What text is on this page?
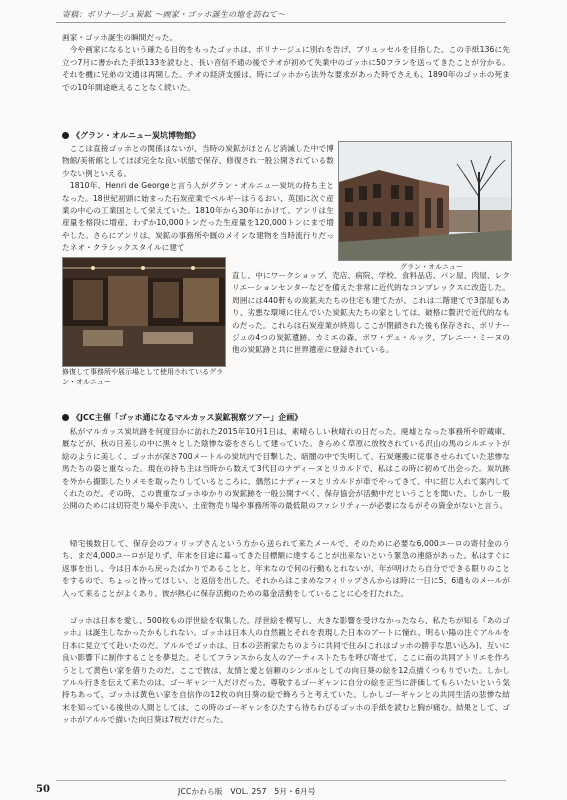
寄稿：ボリナージュ炭鉱 〜画家・ゴッホ誕生の地を訪ねて〜
画家・ゴッホ誕生の瞬間だった。
　今や画家になるという確たる目的をもったゴッホは、ボリナージュに別れを告げ、ブリュッセルを目指した。この手紙136に先立つ7月に書かれた手紙133を読むと、長い音信不通の後でテオが初めて失業中のゴッホに50フランを送ってきたことが分かる。それを機に兄弟の文通は再開した。テオの経済支援は、時にゴッホから法外な要求があった時でさえも、1890年のゴッホの死までの10年間途絶えることなく続いた。
《グラン・オルニュー炭坑博物館》
　ここは直接ゴッホとの関係はないが、当時の炭鉱がほとんど消滅した中で博物館/美術館としてほぼ完全な良い状態で保存、修復され一般公開されている数少ない例といえる。
　1810年、Henri de Georgeと言う人がグラン・オルニュー炭坑の持ち主となった。18世紀初頭に始まった石炭産業でベルギーはうるおい、英国に次ぐ産業の中心の工業国として栄えていた。1810年から30年にかけて、アンリは生産量を格段に増産、わずか10,000トンだった生産量を120,000トンにまで増やした。さらにアンリは、炭鉱の事務所や厩のメインな建物を当時流行りだったネオ・クラシックスタイルに建て
グラン・オルニュー
修復して事務所や展示場として使用されているグラン・オルニュー
直し、中にワークショップ、売店、病院、学校、食料品店、パン屋、肉屋、レクリエーションセンターなどを備えた非常に近代的なコンプレックスに改造した。周囲には440軒もの炭鉱夫たちの住宅も建てたが、これは二階建てで3部屋もあり、劣悪な環境に住んでいた炭鉱夫たちの家としては、破格に贅沢で近代的なものだった。これらは石炭産業が終焉しここが閉鎖された後も保存され、ボリナージュの4つの炭鉱遺跡、カミエの森、ボワ・デュ・ルック、ブレニー・ミーヌの他の炭鉱跡と共に世界遺産に登録されている。
《JCC主催「ゴッホ通になるマルカッス炭鉱視察ツアー」企画》
　私がマルカッス炭坑跡を何度目かに訪れた2015年10月1日は、素晴らしい秋晴れの日だった。廃墟となった事務所や貯蔵庫、厩などが、秋の日差しの中に黒々とした陰惨な姿をさらして建っていた。きらめく草原に放牧されている沢山の馬のシルエットが絵のように美しく、ゴッホが深さ700メートルの炭坑内で目撃した、暗闇の中で失明して、石炭運搬に従事させられていた悲惨な馬たちの姿と重なった。現在の持ち主は当時から数えて3代目のナディーヌとリカルドで、私はこの時に初めて出会った。炭坑跡を外から撮影したりメモを取ったりしているところに、偶然にナディーヌとリカルドが車でやってきて、中に招じ入れて案内してくれたのだ。その時、この貴重なゴッホゆかりの炭鉱跡を一般公開すべく、保存協会が活動中だということを聞いた。しかし一般公開のためには切符売り場や手洗い、土産物売り場や事務所等の最低限のファシリティーが必要になるがその資金がないと言う。
　帰宅後数日して、保存会のフィリップさんという方から送られて来たメールで、そのために必要な6,000ユーロの寄付金のうち、まだ4,000ユーロが足りず、年末を目途に募ってきた目標額に達することが出来ないという緊急の連絡があった。私はすぐに返事を出し、今は日本から戻ったばかりであることと、年末なので何の行動もとれないが、年が明けたら自分でできる限りのことをするので、ちょっと待ってほしい、と返信を出した。それからはこまめなフィリップさんからは時に一日に5、6通ものメールが入って来ることがよくあり、彼が熱心に保存活動のための募金活動をしていることに心を打たれた。
　ゴッホは日本を愛し、500枚もの浮世絵を収集した。浮世絵を模写し、大きな影響を受けなかったなら、私たちが知る『あのゴッホ』は誕生しなかったかもしれない。ゴッホは日本人の自然観とそれを表現した日本のアートに憧れ、明るい陽の注ぐアルルを日本に見立てて赴いたのだ。アルルでゴッホは、日本の芸術家たちのように共同で住み(これはゴッホの勝手な思い込み)、互いに良い影響下に制作することを夢見た。そしてフランスから友人のアーティストたちを呼び寄せて、ここに南の共同アトリエを作ろうとして黄色い家を借りたのだ。ここで彼は、友情と愛と信頼のシンボルとしての向日葵の絵を12点描くつもりでいた。しかしアルル行きを伝えて来たのは、ゴーギャン一人だけだった。尊敬するゴーギャンに自分の絵を正当に評価してもらいたいという気持ちあって、ゴッホは黄色い家を自信作の12枚の向日葵の絵で飾ろうと考えていた。しかしゴーギャンとの共同生活の悲惨な結末を知っている後世の人間としては、この時のゴーギャンをひたすら待ちわびるゴッホの手紙を読むと胸が痛む。結果として、ゴッホがアルルで描いた向日葵は7枚だけだった。
50	JCCかわら版　VOL. 257　5月・6月号
